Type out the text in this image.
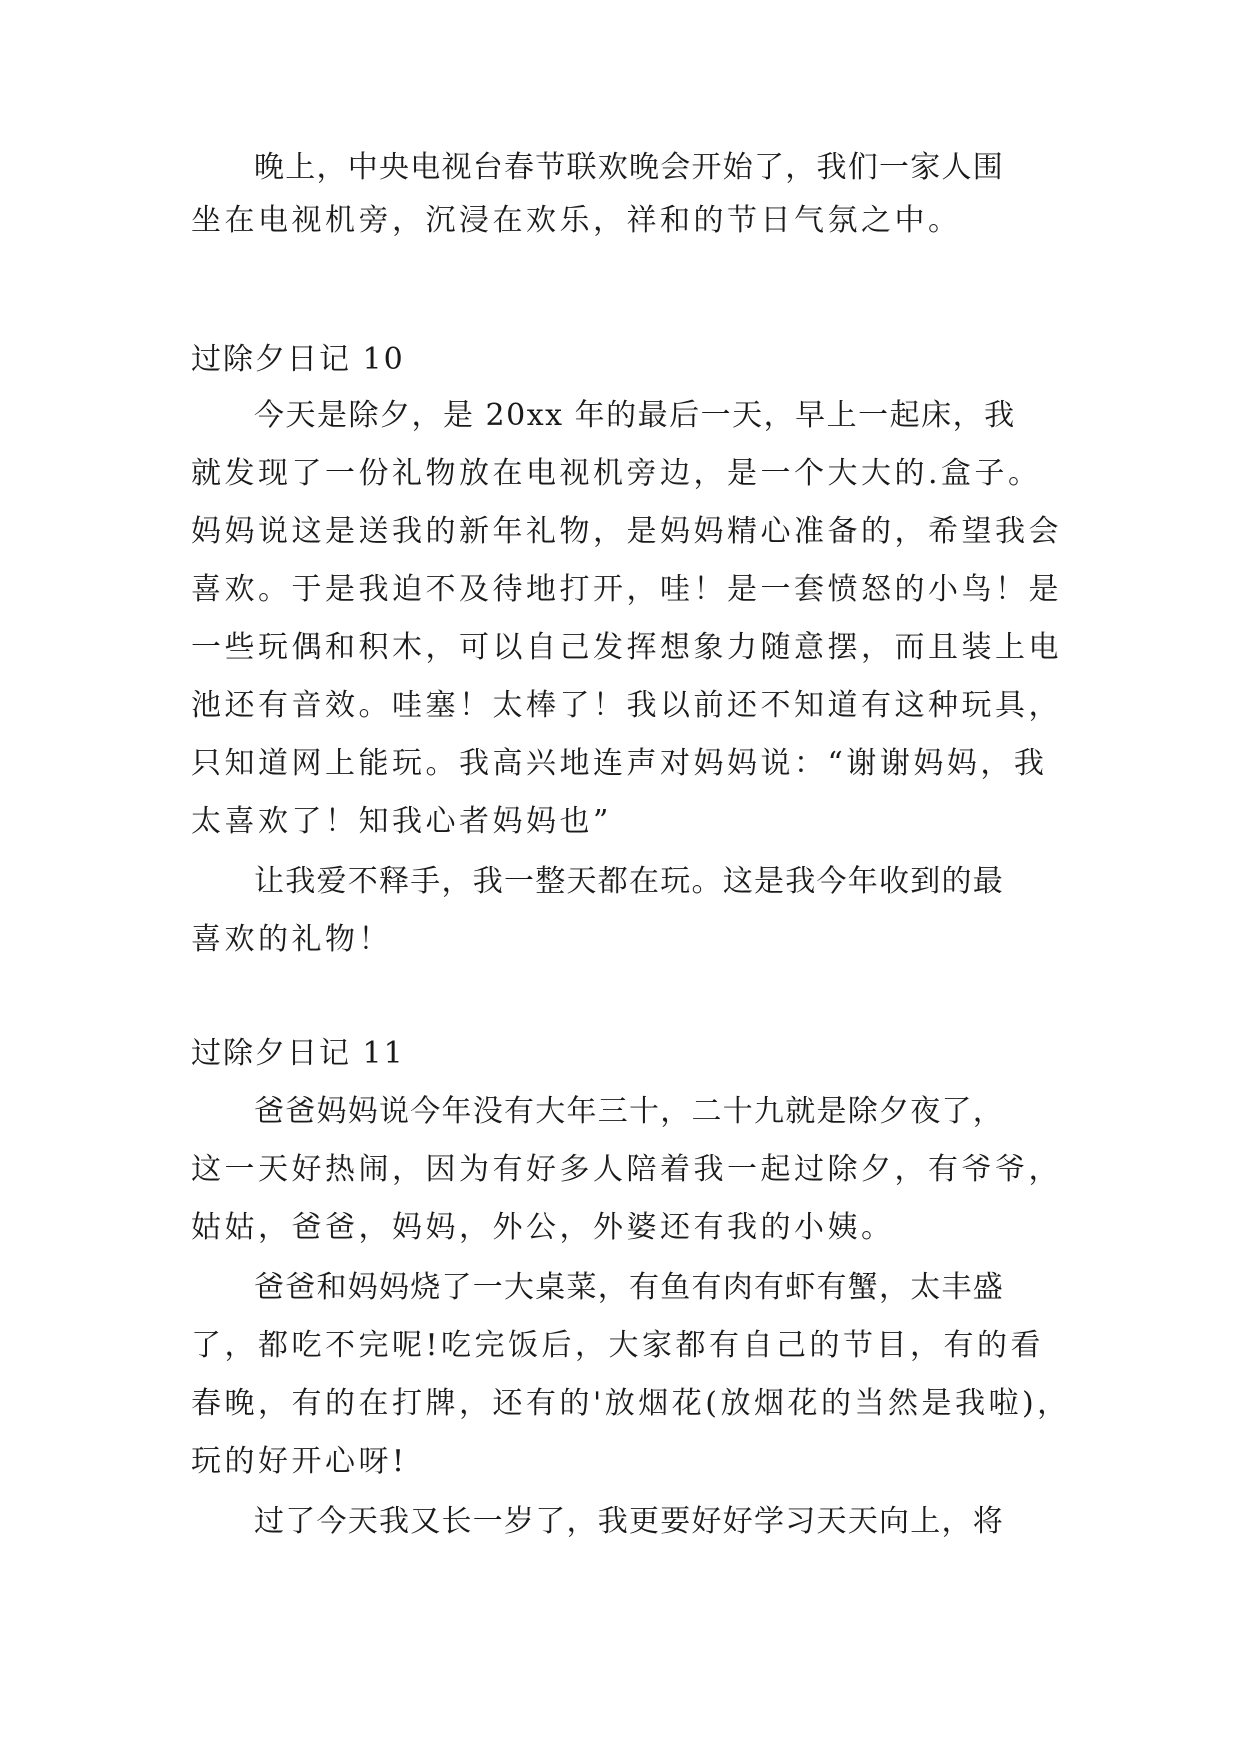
晚上，中央电视台春节联欢晚会开始了，我们一家人围
坐在电视机旁，沉浸在欢乐，祥和的节日气氛之中。
过除夕日记 10
今天是除夕，是 20xx 年的最后一天，早上一起床，我
就发现了一份礼物放在电视机旁边，是一个大大的.盒子。
妈妈说这是送我的新年礼物，是妈妈精心准备的，希望我会
喜欢。于是我迫不及待地打开，哇！是一套愤怒的小鸟！是
一些玩偶和积木，可以自己发挥想象力随意摆，而且装上电
池还有音效。哇塞！太棒了！我以前还不知道有这种玩具，
只知道网上能玩。我高兴地连声对妈妈说：“谢谢妈妈，我
太喜欢了！知我心者妈妈也”
让我爱不释手，我一整天都在玩。这是我今年收到的最
喜欢的礼物！
过除夕日记 11
爸爸妈妈说今年没有大年三十，二十九就是除夕夜了，
这一天好热闹，因为有好多人陪着我一起过除夕，有爷爷，
姑姑，爸爸，妈妈，外公，外婆还有我的小姨。
爸爸和妈妈烧了一大桌菜，有鱼有肉有虾有蟹，太丰盛
了，都吃不完呢!吃完饭后，大家都有自己的节目，有的看
春晚，有的在打牌，还有的'放烟花(放烟花的当然是我啦)，
玩的好开心呀!
过了今天我又长一岁了，我更要好好学习天天向上，将
